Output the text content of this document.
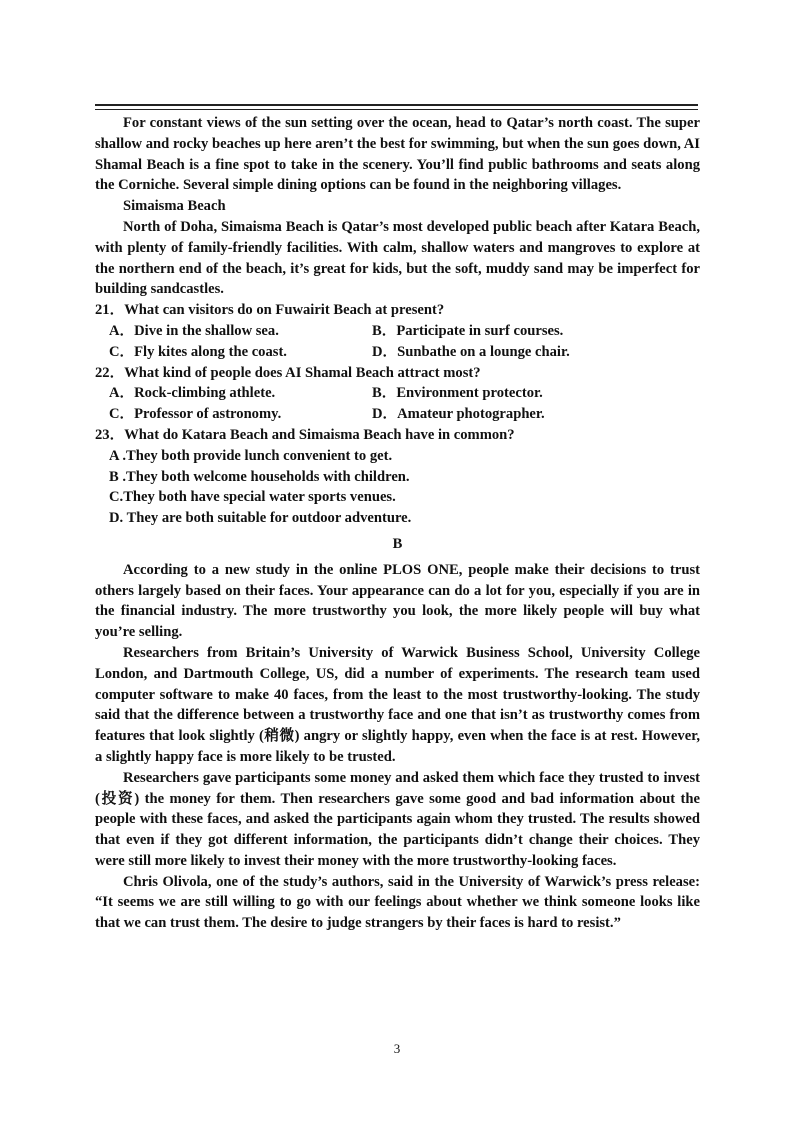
For constant views of the sun setting over the ocean, head to Qatar’s north coast. The super shallow and rocky beaches up here aren’t the best for swimming, but when the sun goes down, AI Shamal Beach is a fine spot to take in the scenery. You’ll find public bathrooms and seats along the Corniche. Several simple dining options can be found in the neighboring villages.

Simaisma Beach

North of Doha, Simaisma Beach is Qatar’s most developed public beach after Katara Beach, with plenty of family-friendly facilities. With calm, shallow waters and mangroves to explore at the northern end of the beach, it’s great for kids, but the soft, muddy sand may be imperfect for building sandcastles.

21．What can visitors do on Fuwairit Beach at present?

A．Dive in the shallow sea.	B．Participate in surf courses.
C．Fly kites along the coast.	D．Sunbathe on a lounge chair.

22．What kind of people does AI Shamal Beach attract most?

A．Rock-climbing athlete.	B．Environment protector.
C．Professor of astronomy.	D．Amateur photographer.

23．What do Katara Beach and Simaisma Beach have in common?

A .They both provide lunch convenient to get.

B .They both welcome households with children.

C.They both have special water sports venues.

D. They are both suitable for outdoor adventure.

B

According to a new study in the online PLOS ONE, people make their decisions to trust others largely based on their faces. Your appearance can do a lot for you, especially if you are in the financial industry. The more trustworthy you look, the more likely people will buy what you’re selling.

Researchers from Britain’s University of Warwick Business School, University College London, and Dartmouth College, US, did a number of experiments. The research team used computer software to make 40 faces, from the least to the most trustworthy-looking. The study said that the difference between a trustworthy face and one that isn’t as trustworthy comes from features that look slightly (稍微) angry or slightly happy, even when the face is at rest. However, a slightly happy face is more likely to be trusted.

Researchers gave participants some money and asked them which face they trusted to invest (投资) the money for them. Then researchers gave some good and bad information about the people with these faces, and asked the participants again whom they trusted. The results showed that even if they got different information, the participants didn’t change their choices. They were still more likely to invest their money with the more trustworthy-looking faces.

Chris Olivola, one of the study’s authors, said in the University of Warwick’s press release: “It seems we are still willing to go with our feelings about whether we think someone looks like that we can trust them. The desire to judge strangers by their faces is hard to resist.”

3
